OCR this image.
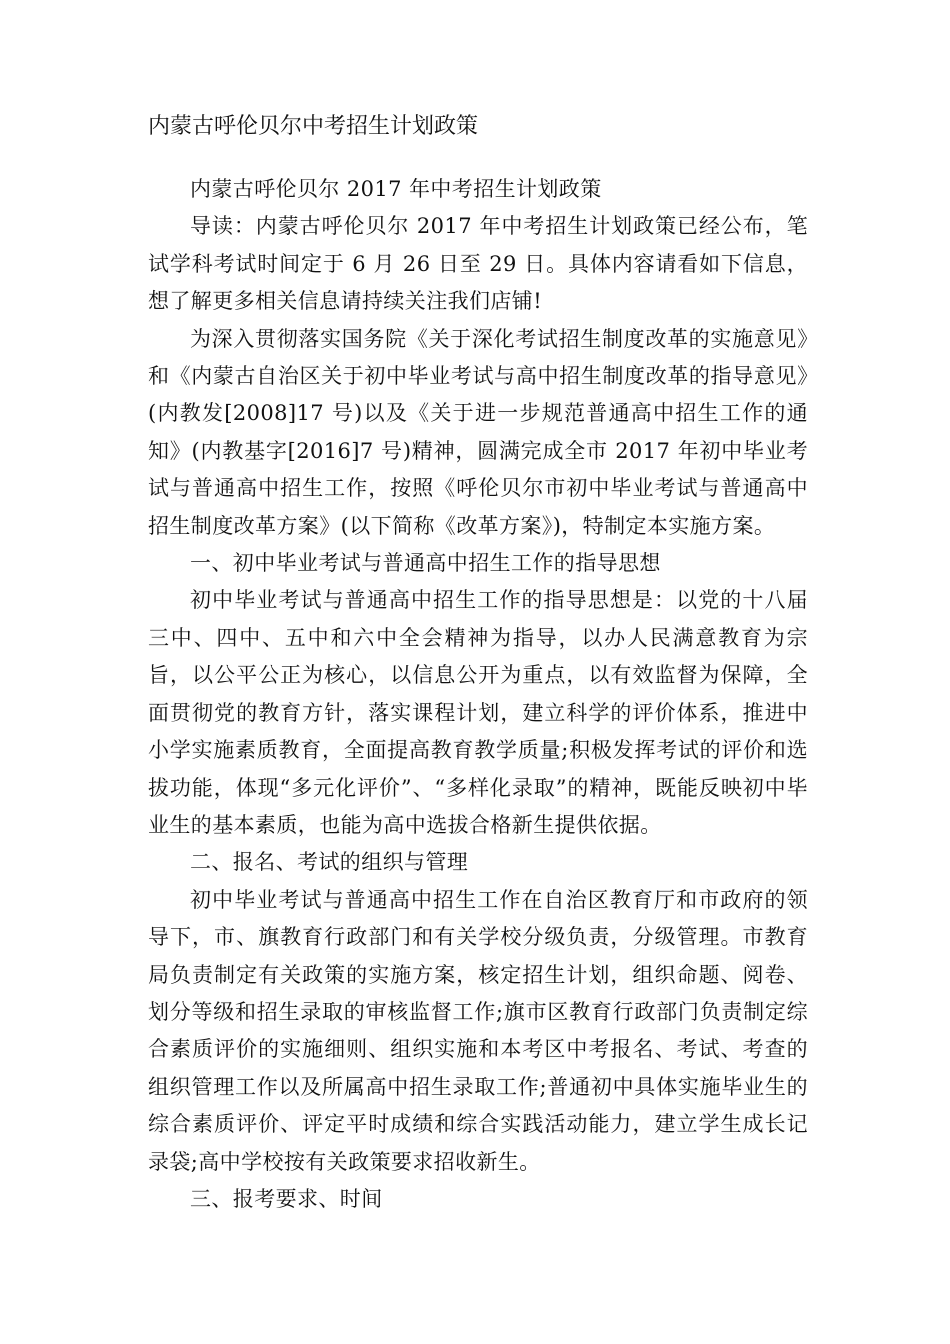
内蒙古呼伦贝尔中考招生计划政策

内蒙古呼伦贝尔 2017 年中考招生计划政策

导读：内蒙古呼伦贝尔 2017 年中考招生计划政策已经公布，笔试学科考试时间定于 6 月 26 日至 29 日。具体内容请看如下信息，想了解更多相关信息请持续关注我们店铺!

为深入贯彻落实国务院《关于深化考试招生制度改革的实施意见》和《内蒙古自治区关于初中毕业考试与高中招生制度改革的指导意见》(内教发[2008]17 号)以及《关于进一步规范普通高中招生工作的通知》(内教基字[2016]7 号)精神，圆满完成全市 2017 年初中毕业考试与普通高中招生工作，按照《呼伦贝尔市初中毕业考试与普通高中招生制度改革方案》(以下简称《改革方案》)，特制定本实施方案。

一、初中毕业考试与普通高中招生工作的指导思想

初中毕业考试与普通高中招生工作的指导思想是：以党的十八届三中、四中、五中和六中全会精神为指导，以办人民满意教育为宗旨，以公平公正为核心，以信息公开为重点，以有效监督为保障，全面贯彻党的教育方针，落实课程计划，建立科学的评价体系，推进中小学实施素质教育，全面提高教育教学质量;积极发挥考试的评价和选拔功能，体现“多元化评价”、“多样化录取”的精神，既能反映初中毕业生的基本素质，也能为高中选拔合格新生提供依据。

二、报名、考试的组织与管理

初中毕业考试与普通高中招生工作在自治区教育厅和市政府的领导下，市、旗教育行政部门和有关学校分级负责，分级管理。市教育局负责制定有关政策的实施方案，核定招生计划，组织命题、阅卷、划分等级和招生录取的审核监督工作;旗市区教育行政部门负责制定综合素质评价的实施细则、组织实施和本考区中考报名、考试、考查的组织管理工作以及所属高中招生录取工作;普通初中具体实施毕业生的综合素质评价、评定平时成绩和综合实践活动能力，建立学生成长记录袋;高中学校按有关政策要求招收新生。

三、报考要求、时间
